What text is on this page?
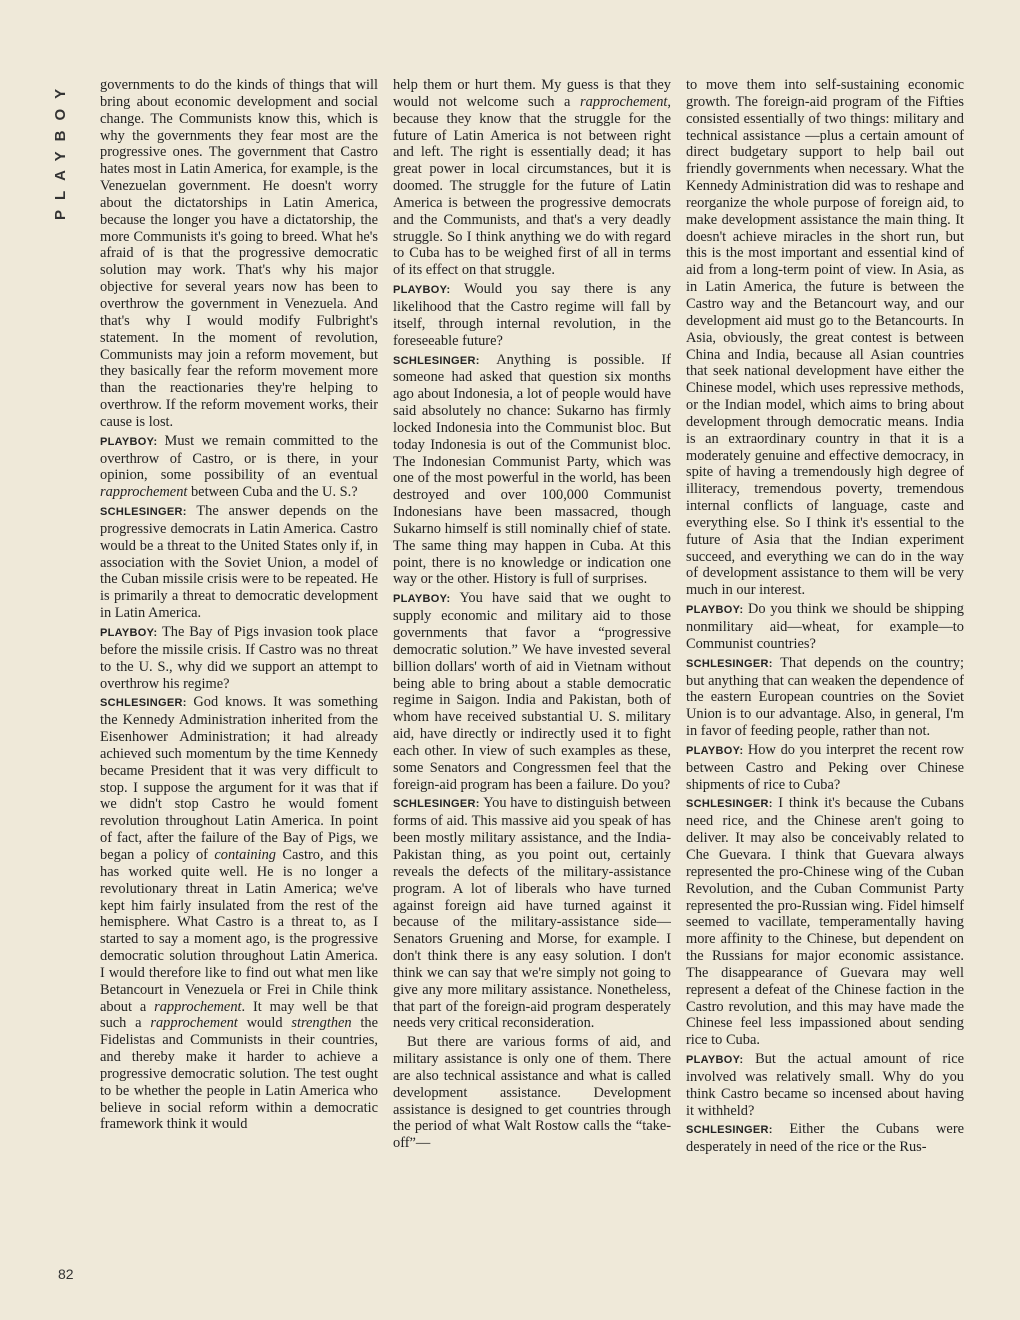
PLAYBOY	governments to do the kinds of things that will bring about economic development and social change. The Communists know this, which is why the governments they fear most are the progressive ones. The government that Castro hates most in Latin America, for example, is the Venezuelan government. He doesn't worry about the dictatorships in Latin America, because the longer you have a dictatorship, the more Communists it's going to breed. What he's afraid of is that the progressive democratic solution may work. That's why his major objective for several years now has been to overthrow the government in Venezuela. And that's why I would modify Fulbright's statement. In the moment of revolution, Communists may join a reform movement, but they basically fear the reform movement more than the reactionaries they're helping to overthrow. If the reform movement works, their cause is lost.

PLAYBOY: Must we remain committed to the overthrow of Castro, or is there, in your opinion, some possibility of an eventual rapprochement between Cuba and the U. S.?

SCHLESINGER: The answer depends on the progressive democrats in Latin America. Castro would be a threat to the United States only if, in association with the Soviet Union, a model of the Cuban missile crisis were to be repeated. He is primarily a threat to democratic development in Latin America.

PLAYBOY: The Bay of Pigs invasion took place before the missile crisis. If Castro was no threat to the U. S., why did we support an attempt to overthrow his regime?

SCHLESINGER: God knows. It was something the Kennedy Administration inherited from the Eisenhower Administration; it had already achieved such momentum by the time Kennedy became President that it was very difficult to stop. I suppose the argument for it was that if we didn't stop Castro he would foment revolution throughout Latin America. In point of fact, after the failure of the Bay of Pigs, we began a policy of containing Castro, and this has worked quite well. He is no longer a revolutionary threat in Latin America; we've kept him fairly insulated from the rest of the hemisphere. What Castro is a threat to, as I started to say a moment ago, is the progressive democratic solution throughout Latin America. I would therefore like to find out what men like Betancourt in Venezuela or Frei in Chile think about a rapprochement. It may well be that such a rapprochement would strengthen the Fidelistas and Communists in their countries, and thereby make it harder to achieve a progressive democratic solution. The test ought to be whether the people in Latin America who believe in social reform within a democratic framework think it would

help them or hurt them. My guess is that they would not welcome such a rapprochement, because they know that the struggle for the future of Latin America is not between right and left. The right is essentially dead; it has great power in local circumstances, but it is doomed. The struggle for the future of Latin America is between the progressive democrats and the Communists, and that's a very deadly struggle. So I think anything we do with regard to Cuba has to be weighed first of all in terms of its effect on that struggle.

PLAYBOY: Would you say there is any likelihood that the Castro regime will fall by itself, through internal revolution, in the foreseeable future?

SCHLESINGER: Anything is possible. If someone had asked that question six months ago about Indonesia, a lot of people would have said absolutely no chance: Sukarno has firmly locked Indonesia into the Communist bloc. But today Indonesia is out of the Communist bloc. The Indonesian Communist Party, which was one of the most powerful in the world, has been destroyed and over 100,000 Communist Indonesians have been massacred, though Sukarno himself is still nominally chief of state. The same thing may happen in Cuba. At this point, there is no knowledge or indication one way or the other. History is full of surprises.

PLAYBOY: You have said that we ought to supply economic and military aid to those governments that favor a “progressive democratic solution.” We have invested several billion dollars' worth of aid in Vietnam without being able to bring about a stable democratic regime in Saigon. India and Pakistan, both of whom have received substantial U. S. military aid, have directly or indirectly used it to fight each other. In view of such examples as these, some Senators and Congressmen feel that the foreign-aid program has been a failure. Do you?

SCHLESINGER: You have to distinguish between forms of aid. This massive aid you speak of has been mostly military assistance, and the India-Pakistan thing, as you point out, certainly reveals the defects of the military-assistance program. A lot of liberals who have turned against foreign aid have turned against it because of the military-assistance side—Senators Gruening and Morse, for example. I don't think there is any easy solution. I don't think we can say that we're simply not going to give any more military assistance. Nonetheless, that part of the foreign-aid program desperately needs very critical reconsideration.

But there are various forms of aid, and military assistance is only one of them. There are also technical assistance and what is called development assistance. Development assistance is designed to get countries through the period of what Walt Rostow calls the “take-off”—

to move them into self-sustaining economic growth. The foreign-aid program of the Fifties consisted essentially of two things: military and technical assistance —plus a certain amount of direct budgetary support to help bail out friendly governments when necessary. What the Kennedy Administration did was to reshape and reorganize the whole purpose of foreign aid, to make development assistance the main thing. It doesn't achieve miracles in the short run, but this is the most important and essential kind of aid from a long-term point of view. In Asia, as in Latin America, the future is between the Castro way and the Betancourt way, and our development aid must go to the Betancourts. In Asia, obviously, the great contest is between China and India, because all Asian countries that seek national development have either the Chinese model, which uses repressive methods, or the Indian model, which aims to bring about development through democratic means. India is an extraordinary country in that it is a moderately genuine and effective democracy, in spite of having a tremendously high degree of illiteracy, tremendous poverty, tremendous internal conflicts of language, caste and everything else. So I think it's essential to the future of Asia that the Indian experiment succeed, and everything we can do in the way of development assistance to them will be very much in our interest.

PLAYBOY: Do you think we should be shipping nonmilitary aid—wheat, for example—to Communist countries?

SCHLESINGER: That depends on the country; but anything that can weaken the dependence of the eastern European countries on the Soviet Union is to our advantage. Also, in general, I'm in favor of feeding people, rather than not.

PLAYBOY: How do you interpret the recent row between Castro and Peking over Chinese shipments of rice to Cuba?

SCHLESINGER: I think it's because the Cubans need rice, and the Chinese aren't going to deliver. It may also be conceivably related to Che Guevara. I think that Guevara always represented the pro-Chinese wing of the Cuban Revolution, and the Cuban Communist Party represented the pro-Russian wing. Fidel himself seemed to vacillate, temperamentally having more affinity to the Chinese, but dependent on the Russians for major economic assistance. The disappearance of Guevara may well represent a defeat of the Chinese faction in the Castro revolution, and this may have made the Chinese feel less impassioned about sending rice to Cuba.

PLAYBOY: But the actual amount of rice involved was relatively small. Why do you think Castro became so incensed about having it withheld?

SCHLESINGER: Either the Cubans were desperately in need of the rice or the Rus-

82
